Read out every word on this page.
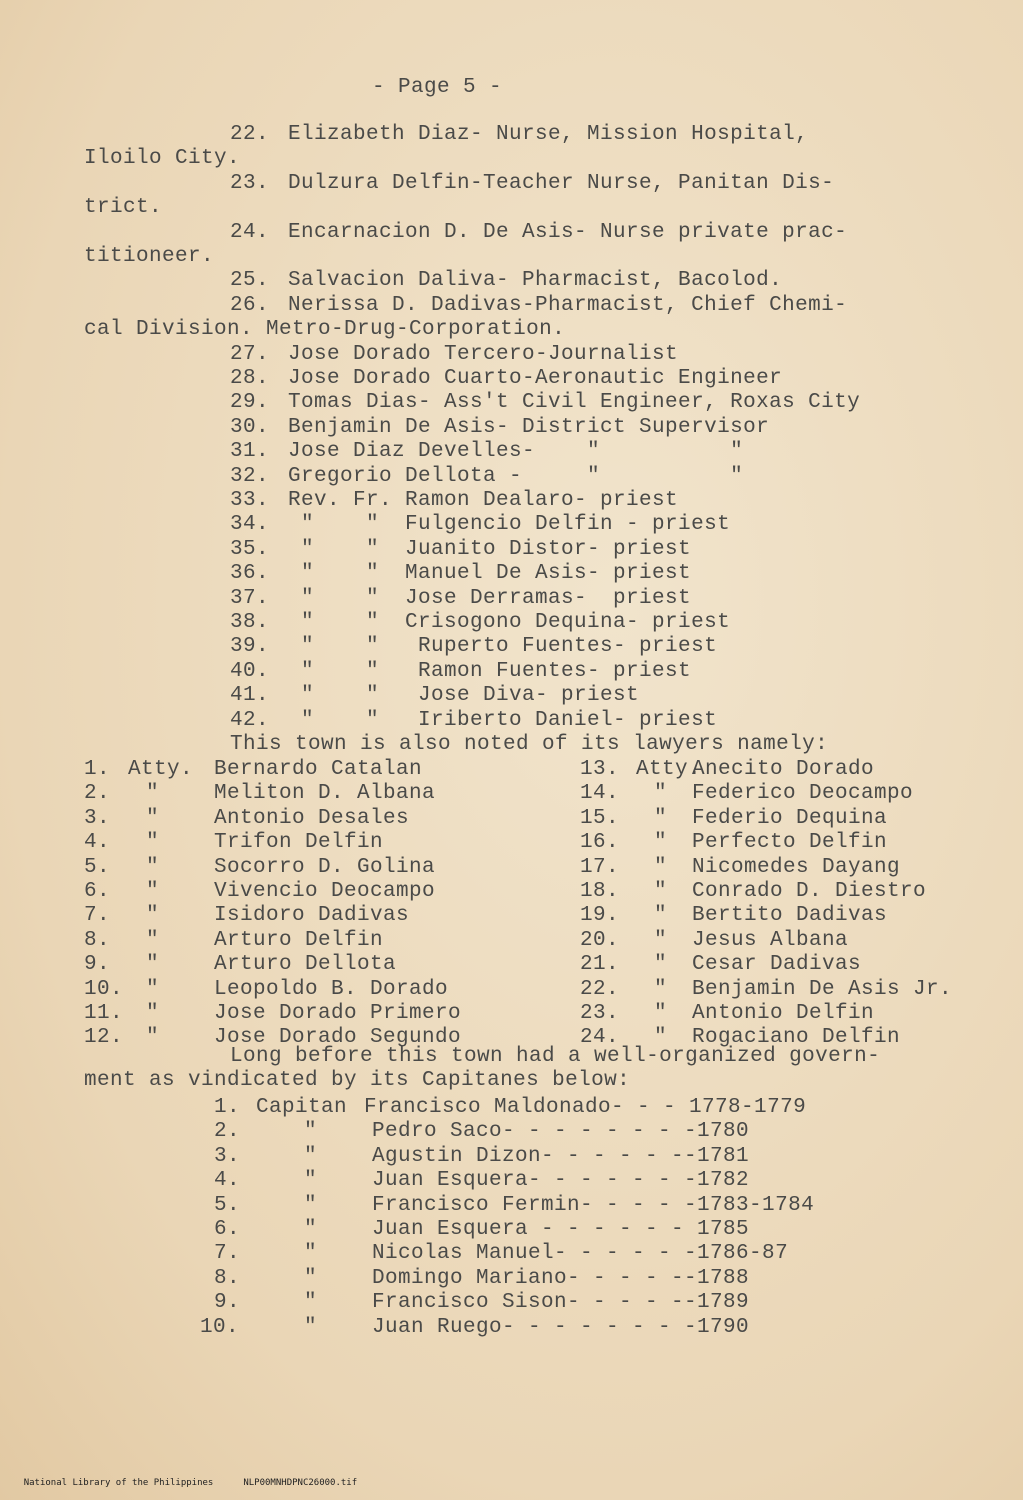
- Page 5 -
22. Elizabeth Diaz- Nurse, Mission Hospital,
Iloilo City.
23. Dulzura Delfin-Teacher Nurse, Panitan Dis-
trict.
24. Encarnacion D. De Asis- Nurse private prac-
titioneer.
25. Salvacion Daliva- Pharmacist, Bacolod.
26. Nerissa D. Dadivas-Pharmacist, Chief Chemi-
cal Division. Metro-Drug-Corporation.
27. Jose Dorado Tercero-Journalist
28. Jose Dorado Cuarto-Aeronautic Engineer
29. Tomas Dias- Ass't Civil Engineer, Roxas City
30. Benjamin De Asis- District Supervisor
31. Jose Diaz Develles-    "          "
32. Gregorio Dellota -     "          "
33. Rev. Fr. Ramon Dealaro- priest
34. "    "  Fulgencio Delfin - priest
35. "    "  Juanito Distor- priest
36. "    "  Manuel De Asis- priest
37. "    "  Jose Derramas-  priest
38. "    "  Crisogono Dequina- priest
39. "    "   Ruperto Fuentes- priest
40. "    "   Ramon Fuentes- priest
41. "    "   Jose Diva- priest
42. "    "   Iriberto Daniel- priest
This town is also noted of its lawyers namely:
1. Atty. Bernardo Catalan
2. "	Meliton D. Albana
3. "	Antonio Desales
4. "	Trifon Delfin
5. "	Socorro D. Golina
6. "	Vivencio Deocampo
7. "	Isidoro Dadivas
8. "	Arturo Delfin
9. "	Arturo Dellota
10. "	Leopoldo B. Dorado
11. "	Jose Dorado Primero
12. "	Jose Dorado Segundo
13. Atty.
Anecito Dorado
14. " Federico Deocampo
15. " Federio Dequina
16. " Perfecto Delfin
17. " Nicomedes Dayang
18. " Conrado D. Diestro
19. " Bertito Dadivas
20. " Jesus Albana
21. " Cesar Dadivas
22. " Benjamin De Asis Jr.
23. " Antonio Delfin
24. " Rogaciano Delfin
Long before this town had a well-organized govern-
ment as vindicated by its Capitanes below:
1. Capitan Francisco Maldonado- - - 1778-1779
2.	"	Pedro Saco- - - - - - - -1780
3.	"	Agustin Dizon- - - - - --1781
4.	"	Juan Esquera- - - - - - -1782
5.	"	Francisco Fermin- - - - -1783-1784
6.	"	Juan Esquera - - - - - - 1785
7.	"	Nicolas Manuel- - - - - -1786-87
8.	"	Domingo Mariano- - - - --1788
9.	"	Francisco Sison- - - - --1789
10.	"	Juan Ruego- - - - - - - -1790

National Library of the Philippines	NLP00MNHDPNC26000.tif
